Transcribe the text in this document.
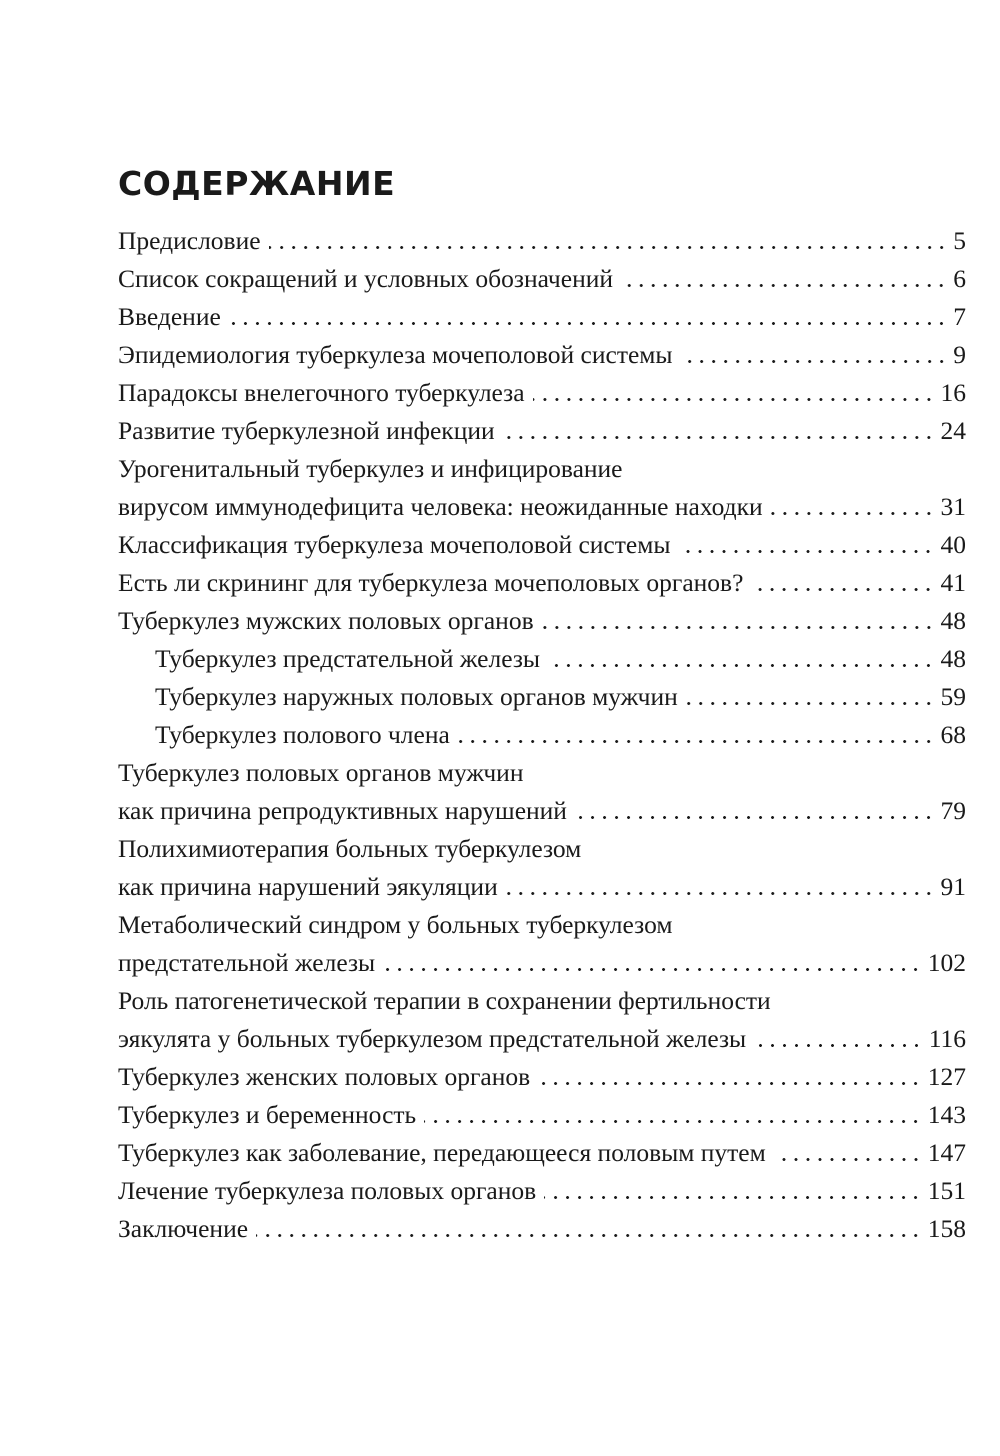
СОДЕРЖАНИЕ
Предисловие	5
Список сокращений и условных обозначений	6
Введение	7
Эпидемиология туберкулеза мочеполовой системы	9
Парадоксы внелегочного туберкулеза	16
Развитие туберкулезной инфекции	24
Урогенитальный туберкулез и инфицирование
вирусом иммунодефицита человека: неожиданные находки	31
Классификация туберкулеза мочеполовой системы	40
Есть ли скрининг для туберкулеза мочеполовых органов?	41
Туберкулез мужских половых органов	48
Туберкулез предстательной железы	48
Туберкулез наружных половых органов мужчин	59
Туберкулез полового члена	68
Туберкулез половых органов мужчин
как причина репродуктивных нарушений	79
Полихимиотерапия больных туберкулезом
как причина нарушений эякуляции	91
Метаболический синдром у больных туберкулезом
предстательной железы	102
Роль патогенетической терапии в сохранении фертильности
эякулята у больных туберкулезом предстательной железы	116
Туберкулез женских половых органов	127
Туберкулез и беременность	143
Туберкулез как заболевание, передающееся половым путем	147
Лечение туберкулеза половых органов	151
Заключение	158
